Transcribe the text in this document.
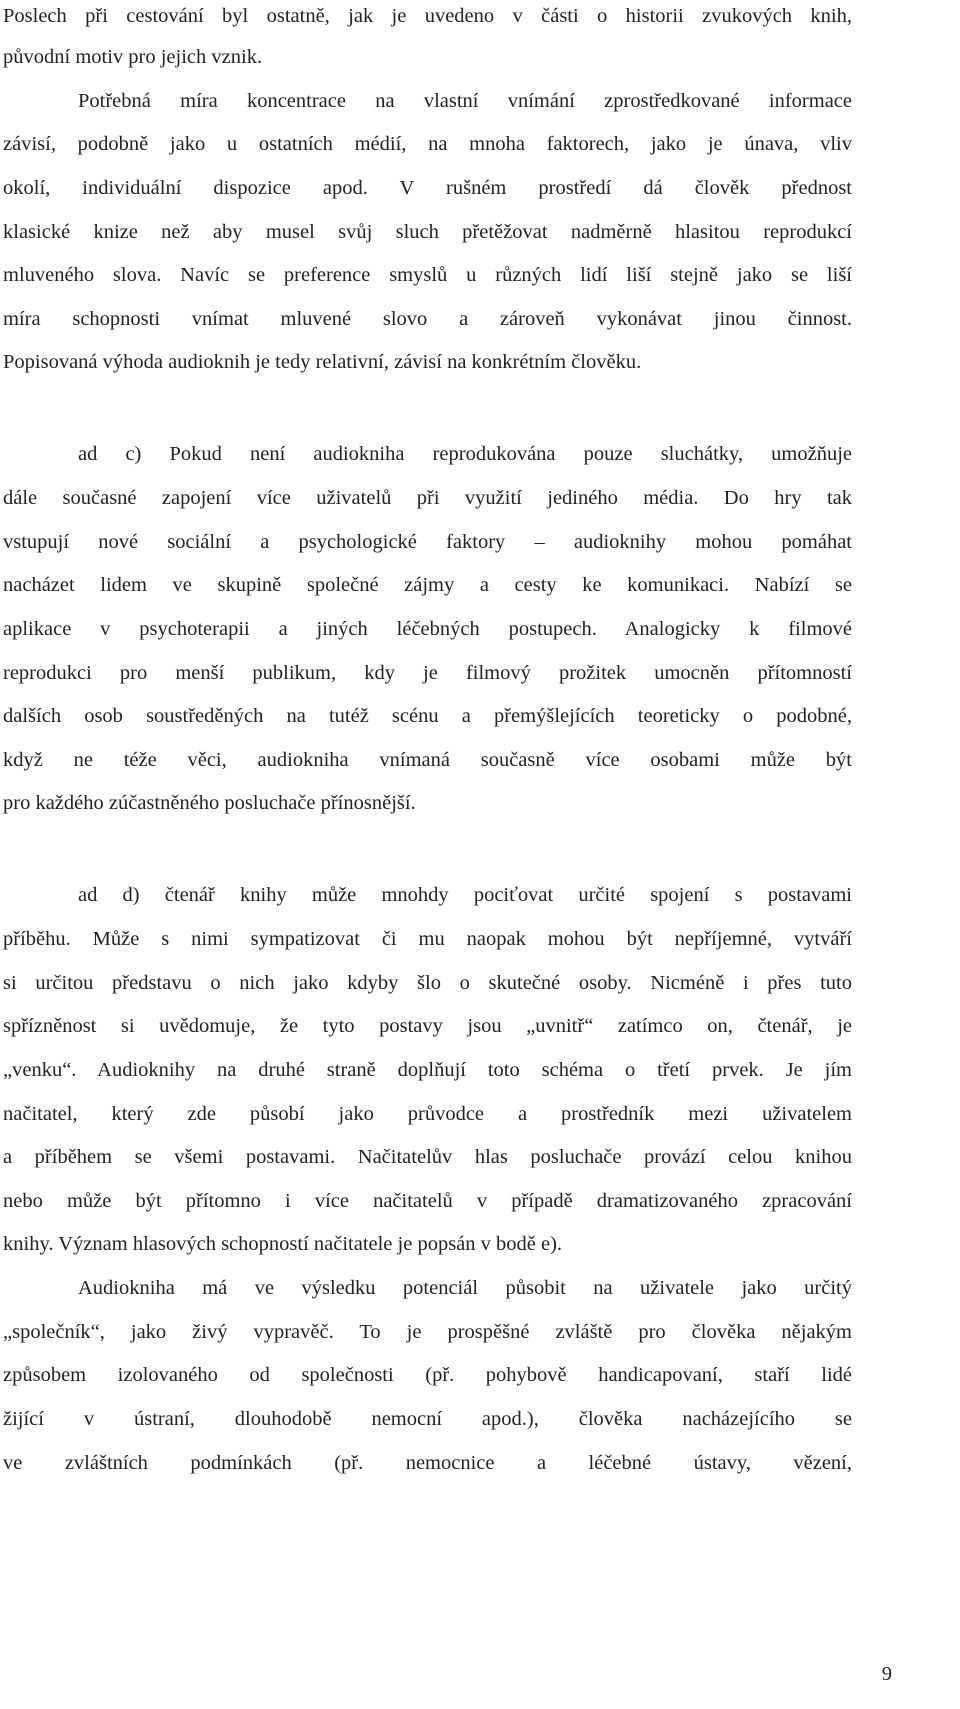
Poslech při cestování byl ostatně, jak je uvedeno v části o historii zvukových knih,
původní motiv pro jejich vznik.
Potřebná míra koncentrace na vlastní vnímání zprostředkované informace
závisí, podobně jako u ostatních médií, na mnoha faktorech, jako je únava, vliv
okolí, individuální dispozice apod. V rušném prostředí dá člověk přednost
klasické knize než aby musel svůj sluch přetěžovat nadměrně hlasitou reprodukcí
mluveného slova. Navíc se preference smyslů u různých lidí liší stejně jako se liší
míra schopnosti vnímat mluvené slovo a zároveň vykonávat jinou činnost.
Popisovaná výhoda audioknih je tedy relativní, závisí na konkrétním člověku.
ad c) Pokud není audiokniha reprodukována pouze sluchátky, umožňuje
dále současné zapojení více uživatelů při využití jediného média. Do hry tak
vstupují nové sociální a psychologické faktory – audioknihy mohou pomáhat
nacházet lidem ve skupině společné zájmy a cesty ke komunikaci. Nabízí se
aplikace v psychoterapii a jiných léčebných postupech. Analogicky k filmové
reprodukci pro menší publikum, kdy je filmový prožitek umocněn přítomností
dalších osob soustředěných na tutéž scénu a přemýšlejících teoreticky o podobné,
když ne téže věci, audiokniha vnímaná současně více osobami může být
pro každého zúčastněného posluchače přínosnější.
ad d) čtenář knihy může mnohdy pociťovat určité spojení s postavami
příběhu. Může s nimi sympatizovat či mu naopak mohou být nepříjemné, vytváří
si určitou představu o nich jako kdyby šlo o skutečné osoby. Nicméně i přes tuto
spřízněnost si uvědomuje, že tyto postavy jsou „uvnitř“ zatímco on, čtenář, je
„venku“. Audioknihy na druhé straně doplňují toto schéma o třetí prvek. Je jím
načitatel, který zde působí jako průvodce a prostředník mezi uživatelem
a příběhem se všemi postavami. Načitatelův hlas posluchače provází celou knihou
nebo může být přítomno i více načitatelů v případě dramatizovaného zpracování
knihy. Význam hlasových schopností načitatele je popsán v bodě e).
Audiokniha má ve výsledku potenciál působit na uživatele jako určitý
„společník“, jako živý vypravěč. To je prospěšné zvláště pro člověka nějakým
způsobem izolovaného od společnosti (př. pohybově handicapovaní, staří lidé
žijící v ústraní, dlouhodobě nemocní apod.), člověka nacházejícího se
ve zvláštních podmínkách (př. nemocnice a léčebné ústavy, vězení,
9
